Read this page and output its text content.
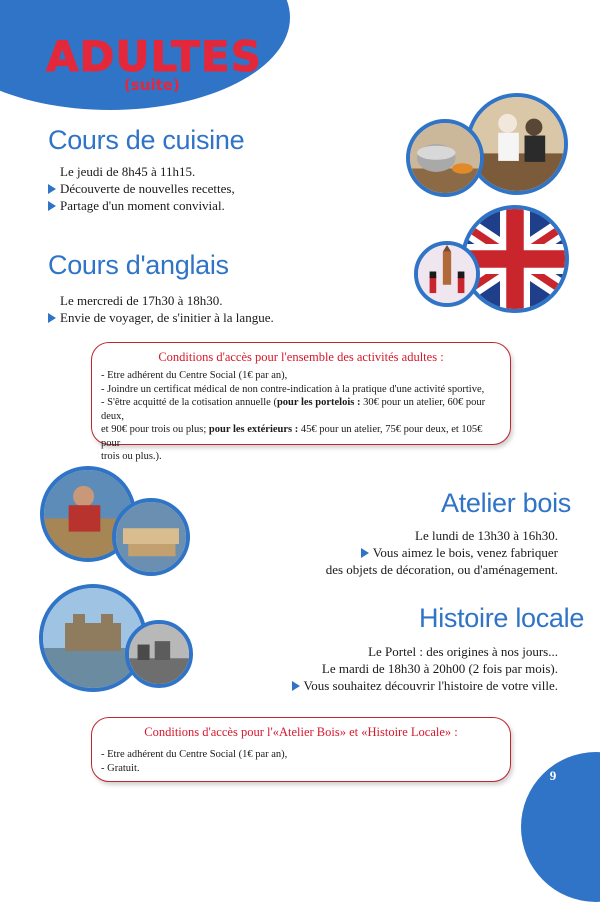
9
ADULTES
(suite)
Cours de cuisine
Le jeudi de 8h45 à 11h15.
Découverte de nouvelles recettes,
Partage d'un moment convivial.
Cours d'anglais
Le mercredi de 17h30 à 18h30.
Envie de voyager, de s'initier à la langue.
Conditions d'accès pour l'ensemble des activités adultes :
- Etre adhérent du Centre Social (1€ par an),
- Joindre un certificat médical de non contre-indication à la pratique d'une activité sportive,
- S'être acquitté de la cotisation annuelle (pour les portelois : 30€ pour un atelier, 60€ pour deux,
et 90€ pour trois ou plus; pour les extérieurs : 45€ pour un atelier, 75€ pour deux, et 105€ pour
trois ou plus.).
Atelier bois
Le lundi de 13h30 à 16h30.
Vous aimez le bois, venez fabriquer
des objets de décoration, ou d'aménagement.
Histoire locale
Le Portel : des origines à nos jours...
Le mardi de 18h30 à 20h00 (2 fois par mois).
Vous souhaitez découvrir l'histoire de votre ville.
Conditions d'accès pour l'«Atelier Bois» et «Histoire Locale» :
- Etre adhérent du Centre Social (1€ par an),
- Gratuit.
